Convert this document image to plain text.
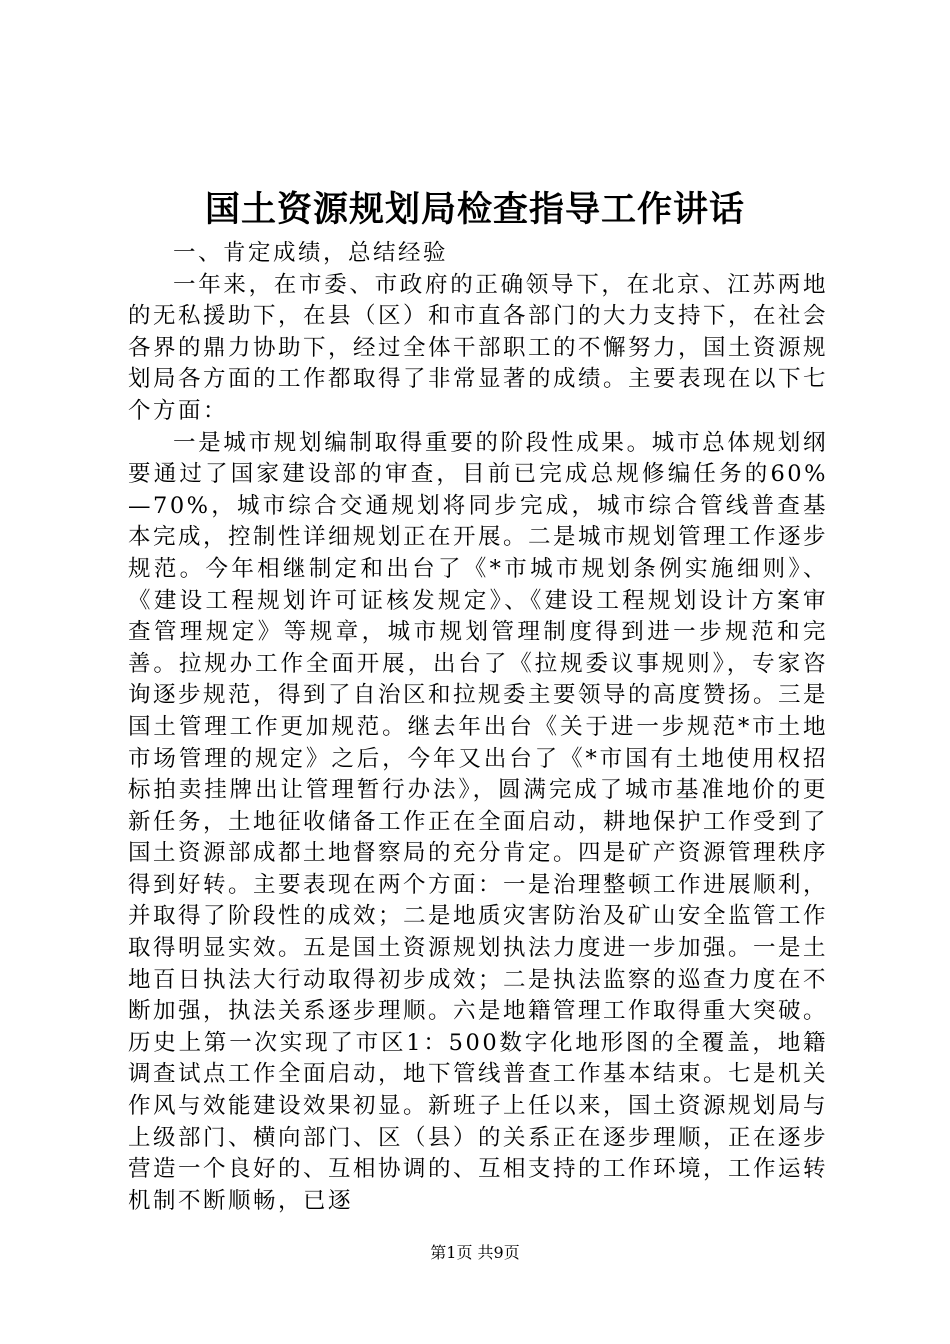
国土资源规划局检查指导工作讲话

一、肯定成绩，总结经验

一年来，在市委、市政府的正确领导下，在北京、江苏两地的无私援助下，在县（区）和市直各部门的大力支持下，在社会各界的鼎力协助下，经过全体干部职工的不懈努力，国土资源规划局各方面的工作都取得了非常显著的成绩。主要表现在以下七个方面：

一是城市规划编制取得重要的阶段性成果。城市总体规划纲要通过了国家建设部的审查，目前已完成总规修编任务的60%—70%，城市综合交通规划将同步完成，城市综合管线普查基本完成，控制性详细规划正在开展。二是城市规划管理工作逐步规范。今年相继制定和出台了《*市城市规划条例实施细则》、《建设工程规划许可证核发规定》、《建设工程规划设计方案审查管理规定》等规章，城市规划管理制度得到进一步规范和完善。拉规办工作全面开展，出台了《拉规委议事规则》，专家咨询逐步规范，得到了自治区和拉规委主要领导的高度赞扬。三是国土管理工作更加规范。继去年出台《关于进一步规范*市土地市场管理的规定》之后，今年又出台了《*市国有土地使用权招标拍卖挂牌出让管理暂行办法》，圆满完成了城市基准地价的更新任务，土地征收储备工作正在全面启动，耕地保护工作受到了国土资源部成都土地督察局的充分肯定。四是矿产资源管理秩序得到好转。主要表现在两个方面：一是治理整顿工作进展顺利，并取得了阶段性的成效；二是地质灾害防治及矿山安全监管工作取得明显实效。五是国土资源规划执法力度进一步加强。一是土地百日执法大行动取得初步成效；二是执法监察的巡查力度在不断加强，执法关系逐步理顺。六是地籍管理工作取得重大突破。历史上第一次实现了市区1：500数字化地形图的全覆盖，地籍调查试点工作全面启动，地下管线普查工作基本结束。七是机关作风与效能建设效果初显。新班子上任以来，国土资源规划局与上级部门、横向部门、区（县）的关系正在逐步理顺，正在逐步营造一个良好的、互相协调的、互相支持的工作环境，工作运转机制不断顺畅，已逐

第1页 共9页
